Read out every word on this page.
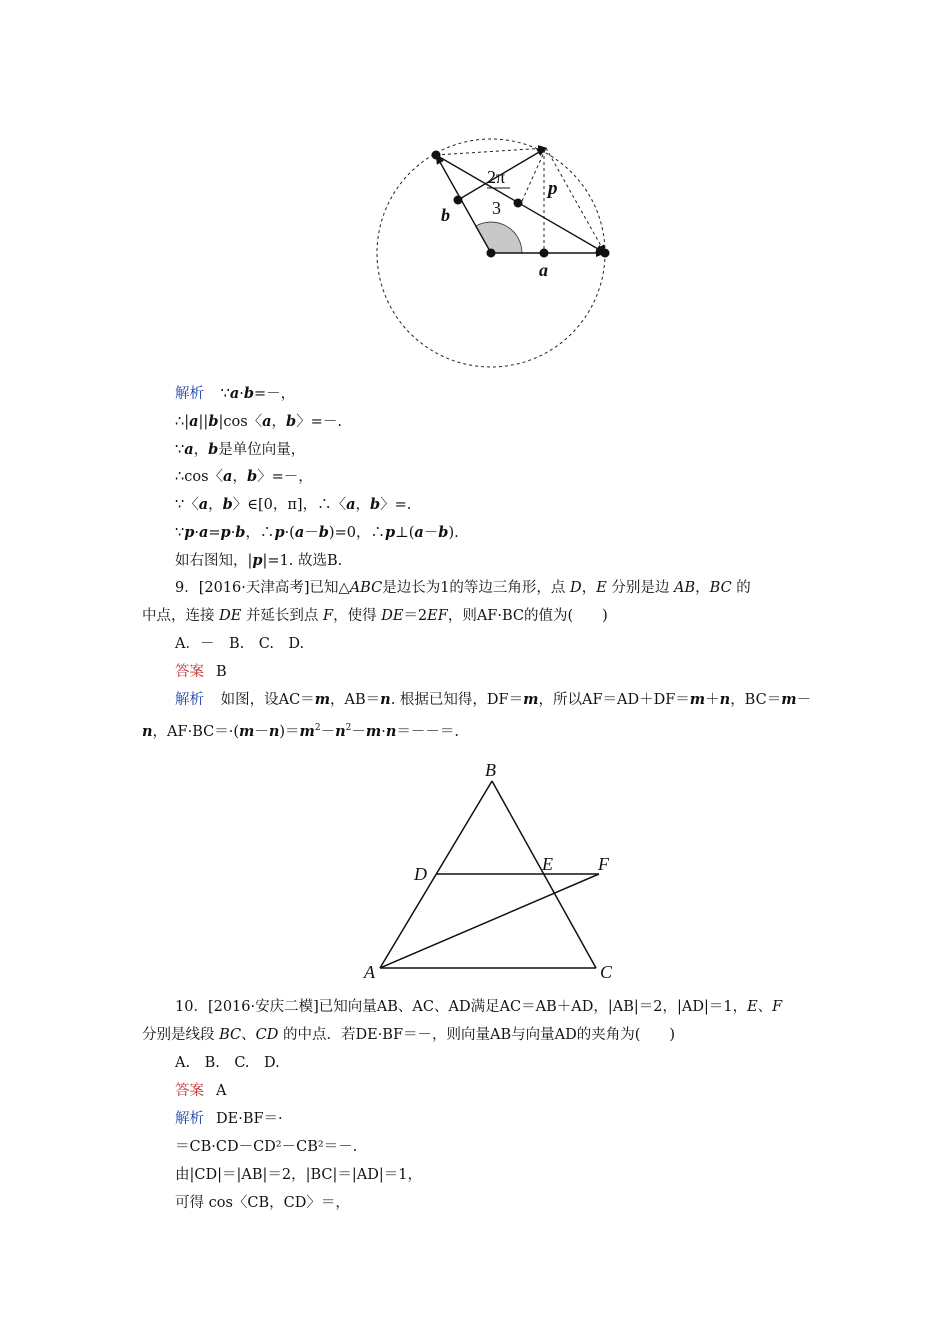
b
p
a
2π
3
解析 ∵a·b=－，
∴|a||b|cos〈a，b〉=－.
∵a，b是单位向量，
∴cos〈a，b〉=－，
∵〈a，b〉∈[0，π]，∴〈a，b〉=.
∵p·a=p·b，∴p·(a－b)=0，∴p⊥(a－b).
如右图知，|p|=1. 故选B.
9．[2016·天津高考]已知△ABC是边长为1的等边三角形，点 D，E 分别是边 AB，BC 的
中点，连接 DE 并延长到点 F，使得 DE＝2EF，则AF·BC的值为(　　)
A．－　B.　C.　D.
答案 B
解析 如图，设AC＝m，AB＝n. 根据已知得，DF＝m，所以AF＝AD＋DF＝m＋n，BC＝m－
n，$AF\cdot BC=\cdot(m-n)=m^2-n^2-m\cdot n=--=$.
A
B
C
D	E	F
10．[2016·安庆二模]已知向量AB、AC、AD满足AC＝AB＋AD，|AB|＝2，|AD|＝1，E、F
分别是线段 BC、CD 的中点．若DE·BF＝－，则向量AB与向量AD的夹角为(　　)
A.　B.　C.　D.
答案 A
解析 DE·BF＝·
＝CB·CD－CD²－CB²＝－.
由|CD|＝|AB|＝2，|BC|＝|AD|＝1，
可得 cos〈CB，CD〉＝，
